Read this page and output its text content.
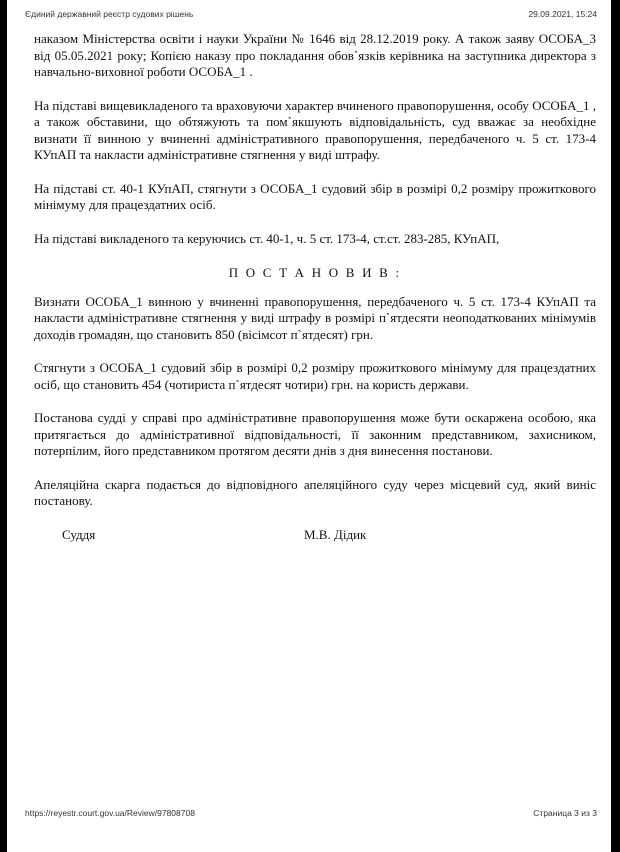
Єдиний державний реєстр судових рішень	29.09.2021, 15:24

наказом Міністерства освіти і науки України № 1646 від 28.12.2019 року. А також заяву ОСОБА_3 від 05.05.2021 року; Копією наказу про покладання обов`язків керівника на заступника директора з навчально-виховної роботи ОСОБА_1 .

На підставі вищевикладеного та враховуючи характер вчиненого правопорушення, особу ОСОБА_1 , а також обставини, що обтяжують та пом`якшують відповідальність, суд вважає за необхідне визнати її винною у вчиненні адміністративного правопорушення, передбаченого ч. 5 ст. 173-4 КУпАП та накласти адміністративне стягнення у виді штрафу.

На підставі ст. 40-1 КУпАП, стягнути з ОСОБА_1 судовий збір в розмірі 0,2 розміру прожиткового мінімуму для працездатних осіб.

На підставі викладеного та керуючись ст. 40-1, ч. 5 ст. 173-4, ст.ст. 283-285, КУпАП,

П О С Т А Н О В И В :

Визнати ОСОБА_1 винною у вчиненні правопорушення, передбаченого ч. 5 ст. 173-4 КУпАП та накласти адміністративне стягнення у виді штрафу в розмірі п`ятдесяти неоподаткованих мінімумів доходів громадян, що становить 850 (вісімсот п`ятдесят) грн.

Стягнути з ОСОБА_1 судовий збір в розмірі 0,2 розміру прожиткового мінімуму для працездатних осіб, що становить 454 (чотириста п`ятдесят чотири) грн. на користь держави.

Постанова судді у справі про адміністративне правопорушення може бути оскаржена особою, яка притягається до адміністративної відповідальності, її законним представником, захисником, потерпілим, його представником протягом десяти днів з дня винесення постанови.

Апеляційна скарга подається до відповідного апеляційного суду через місцевий суд, який виніс постанову.

Суддя	М.В. Дідик
https://reyestr.court.gov.ua/Review/97808708	Страница 3 из 3
